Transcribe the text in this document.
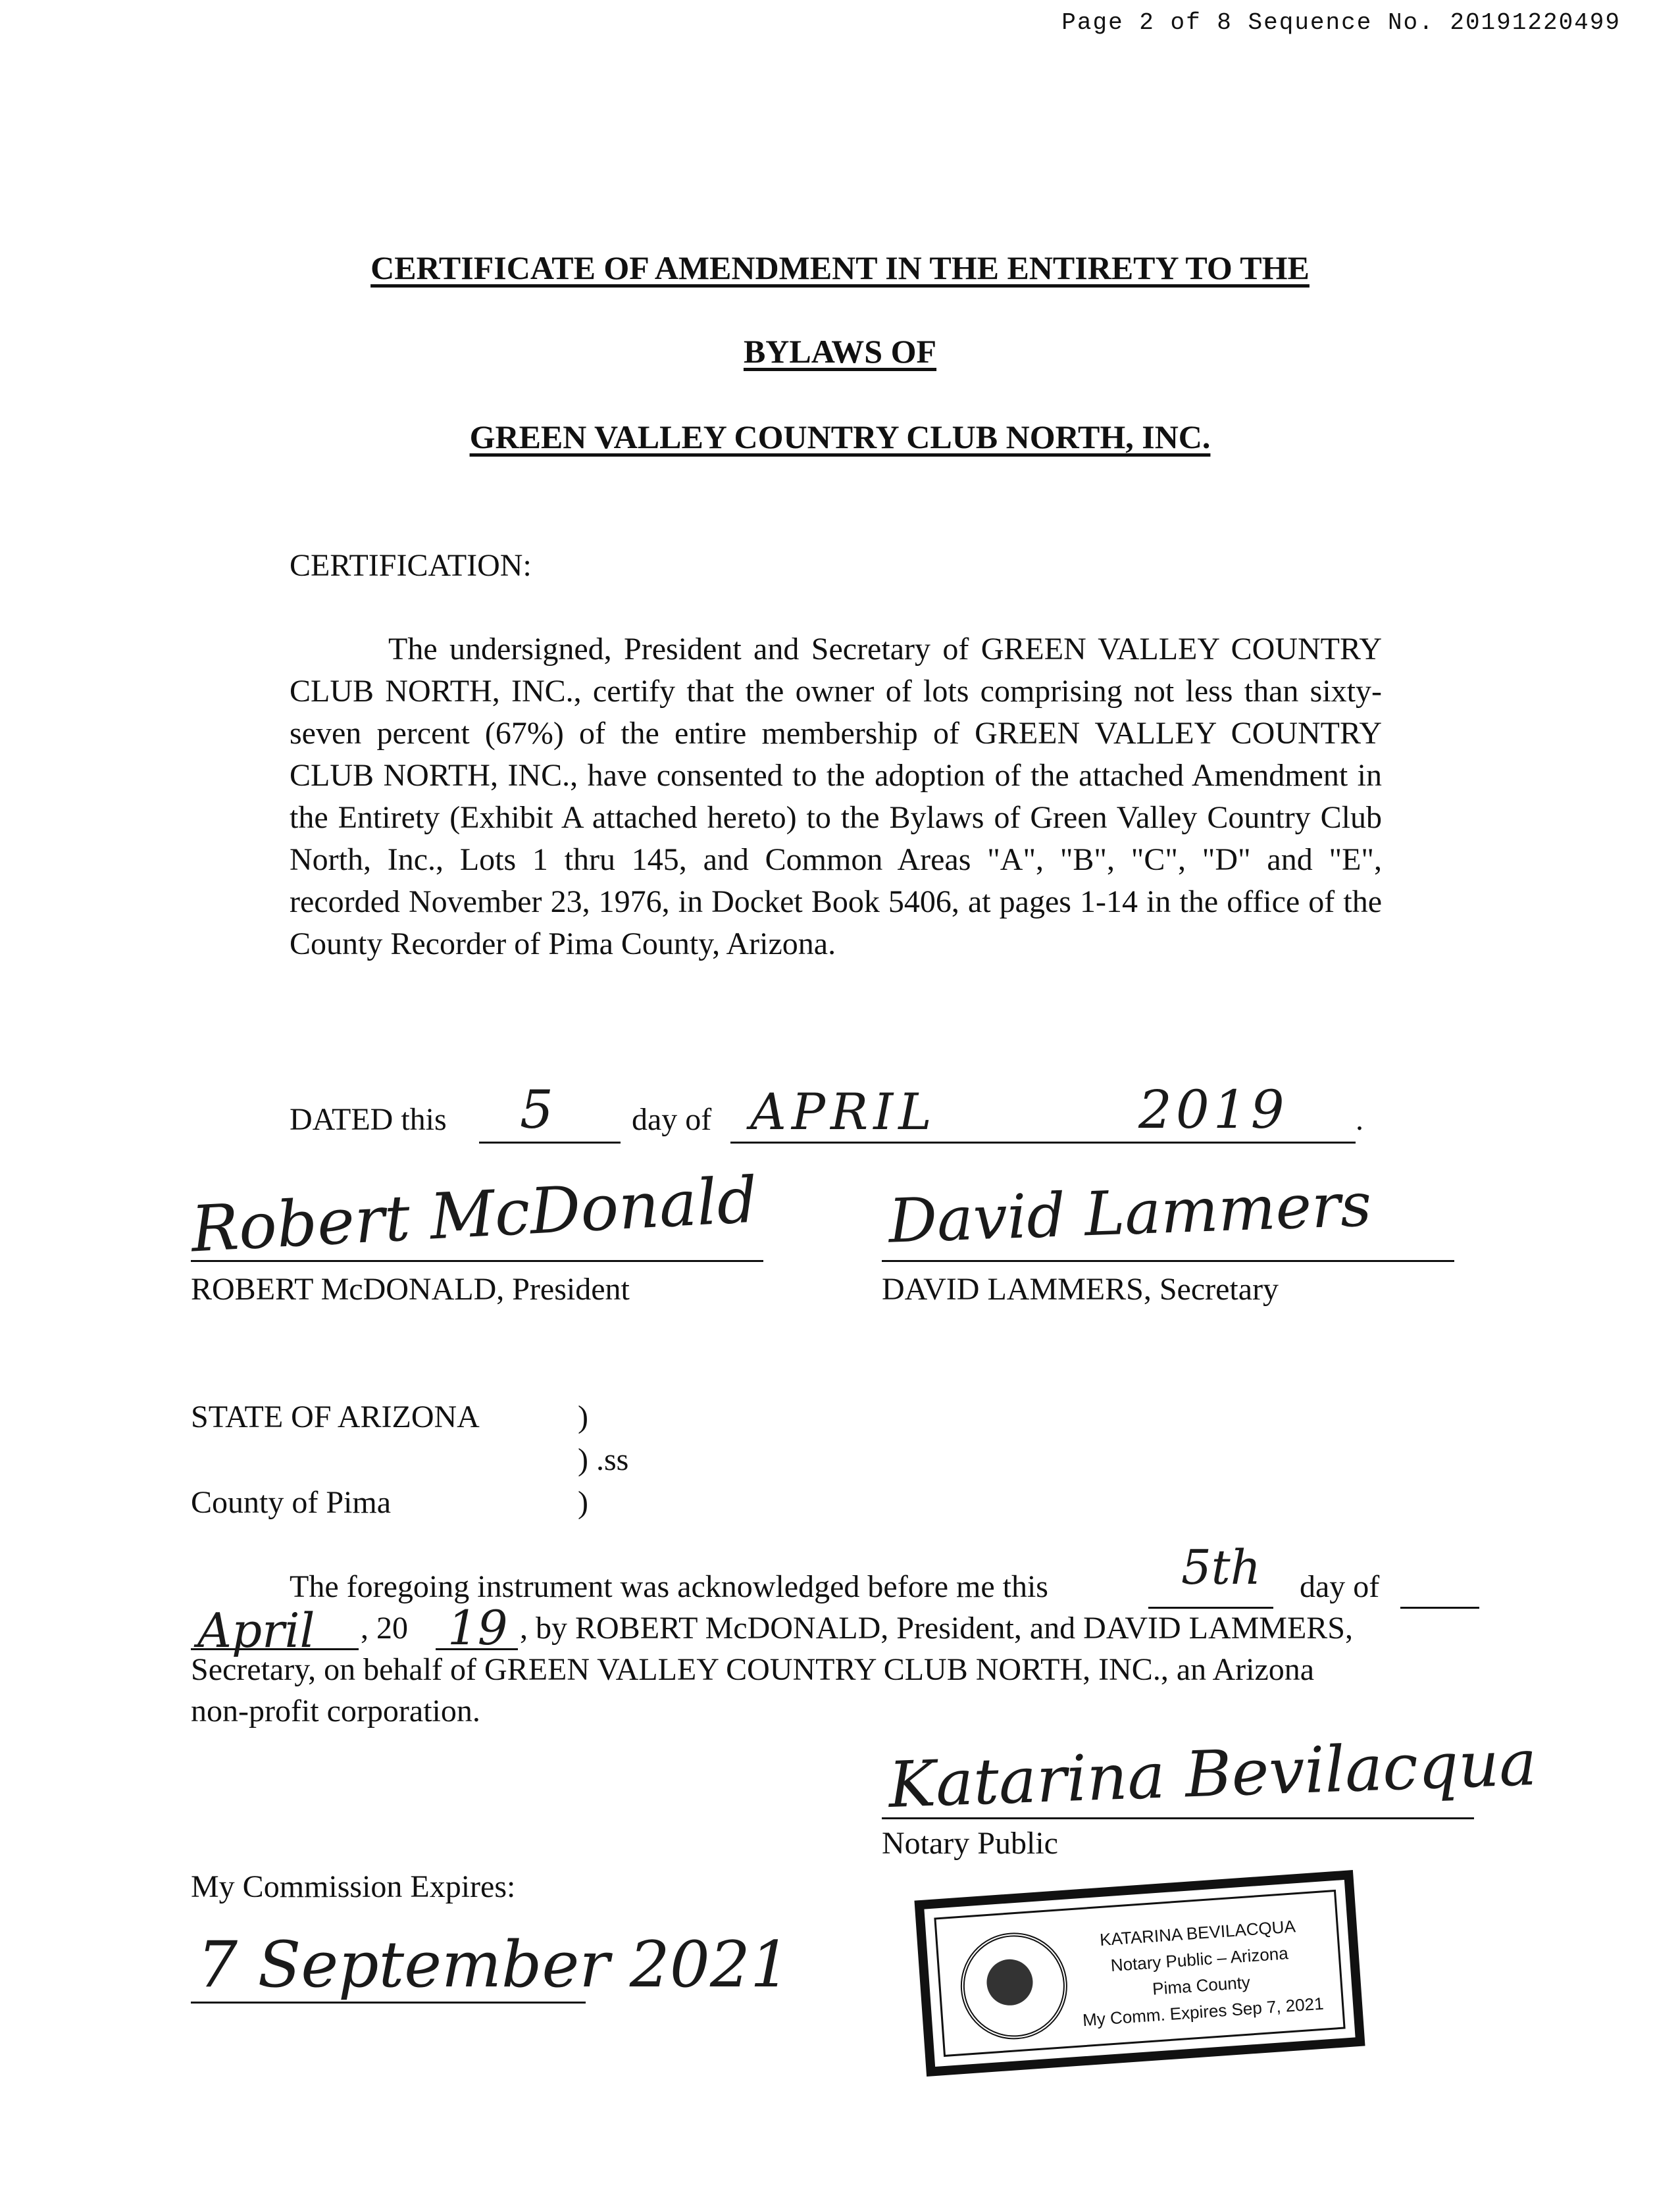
Page 2 of 8 Sequence No. 20191220499
CERTIFICATE OF AMENDMENT IN THE ENTIRETY TO THE
BYLAWS OF
GREEN VALLEY COUNTRY CLUB NORTH, INC.
CERTIFICATION:
The undersigned, President and Secretary of GREEN VALLEY COUNTRY CLUB NORTH, INC., certify that the owner of lots comprising not less than sixty-seven percent (67%) of the entire membership of GREEN VALLEY COUNTRY CLUB NORTH, INC., have consented to the adoption of the attached Amendment in the Entirety (Exhibit A attached hereto) to the Bylaws of Green Valley Country Club North, Inc., Lots 1 thru 145, and Common Areas "A", "B", "C", "D" and "E", recorded November 23, 1976, in Docket Book 5406, at pages 1-14 in the office of the County Recorder of Pima County, Arizona.
DATED this 5 day of APRIL	2019 .
Robert McDonald
ROBERT McDONALD, President
David Lammers
DAVID LAMMERS, Secretary
STATE OF ARIZONA	)
) .ss
County of Pima	)
The foregoing instrument was acknowledged before me this	5th day of
April , 20 19 , by ROBERT McDONALD, President, and DAVID LAMMERS,
Secretary, on behalf of GREEN VALLEY COUNTRY CLUB NORTH, INC., an Arizona
non-profit corporation.
Katarina Bevilacqua
Notary Public
My Commission Expires:
7 September 2021	KATARINA BEVILACQUA
Notary Public – Arizona
Pima County
My Comm. Expires Sep 7, 2021
